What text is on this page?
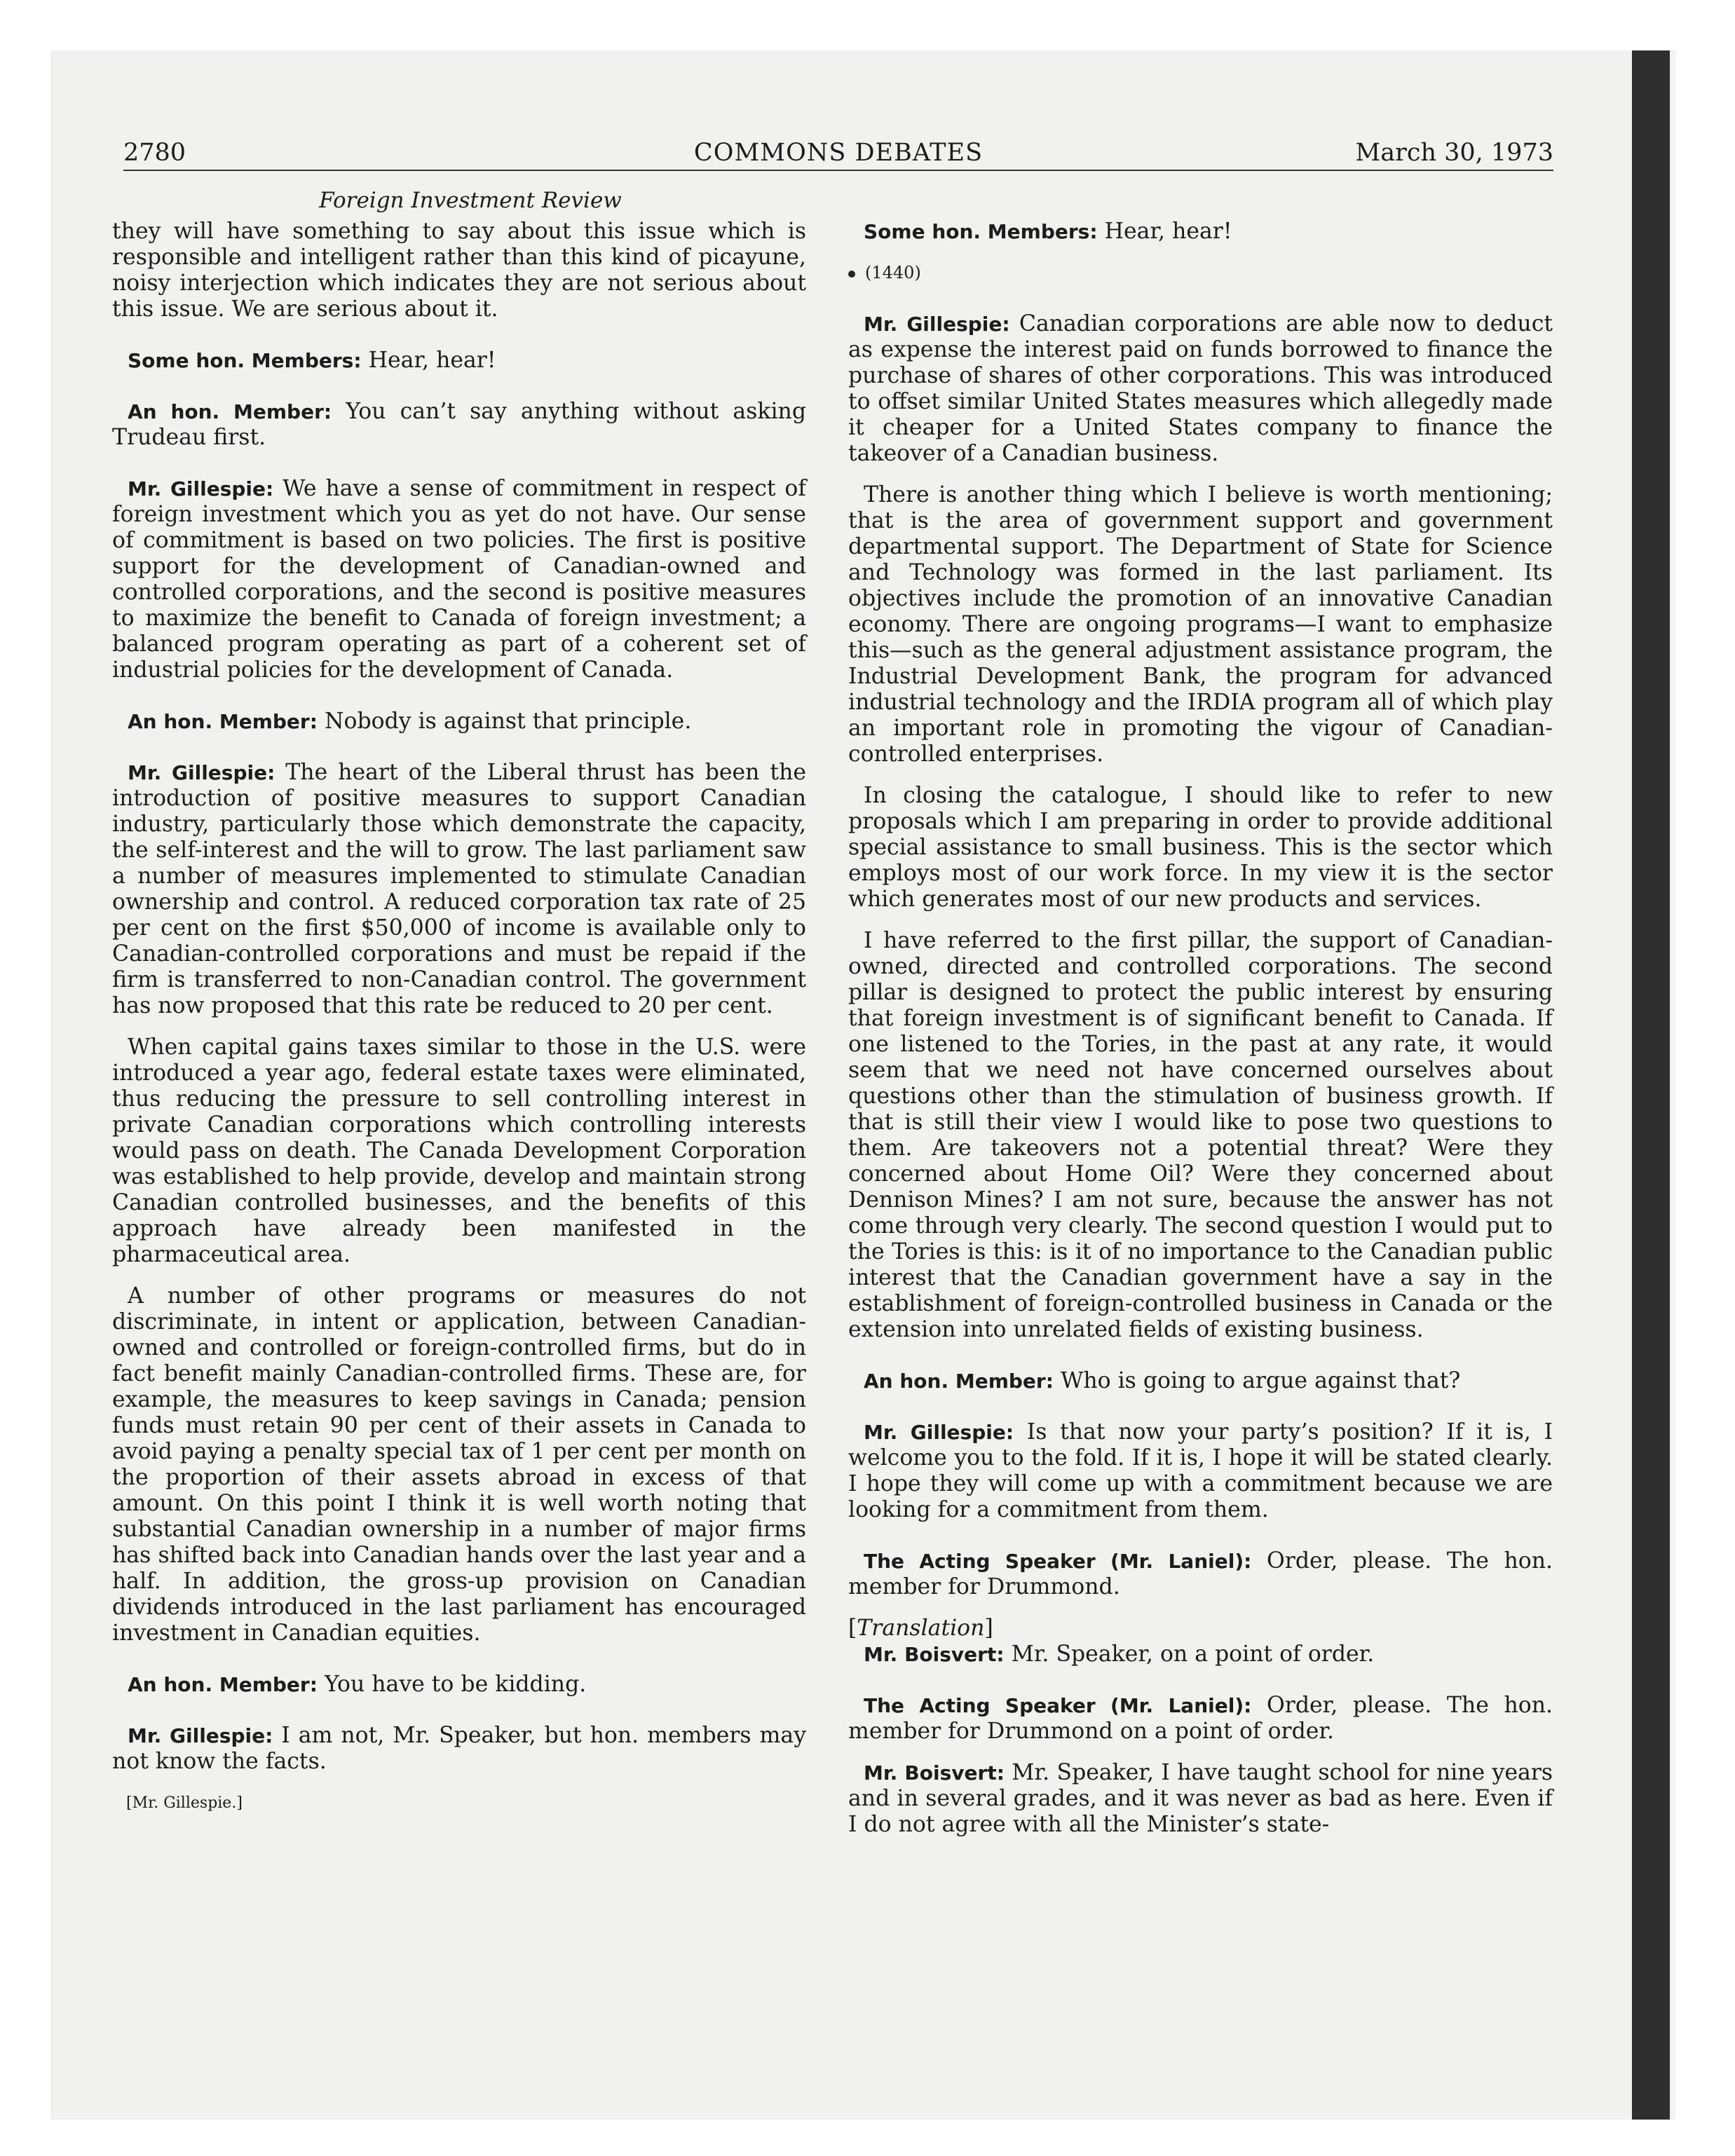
2780	COMMONS DEBATES	March 30, 1973
Foreign Investment Review

they will have something to say about this issue which is responsible and intelligent rather than this kind of picayune, noisy interjection which indicates they are not serious about this issue. We are serious about it.

Some hon. Members: Hear, hear!

An hon. Member: You can’t say anything without asking Trudeau first.

Mr. Gillespie: We have a sense of commitment in respect of foreign investment which you as yet do not have. Our sense of commitment is based on two policies. The first is positive support for the development of Canadian-owned and controlled corporations, and the second is positive measures to maximize the benefit to Canada of foreign investment; a balanced program operating as part of a coherent set of industrial policies for the development of Canada.

An hon. Member: Nobody is against that principle.

Mr. Gillespie: The heart of the Liberal thrust has been the introduction of positive measures to support Canadian industry, particularly those which demonstrate the capacity, the self-interest and the will to grow. The last parliament saw a number of measures implemented to stimulate Canadian ownership and control. A reduced corporation tax rate of 25 per cent on the first $50,000 of income is available only to Canadian-controlled corporations and must be repaid if the firm is transferred to non-Canadian control. The government has now proposed that this rate be reduced to 20 per cent.

When capital gains taxes similar to those in the U.S. were introduced a year ago, federal estate taxes were eliminated, thus reducing the pressure to sell controlling interest in private Canadian corporations which controlling interests would pass on death. The Canada Development Corporation was established to help provide, develop and maintain strong Canadian controlled businesses, and the benefits of this approach have already been manifested in the pharmaceutical area.

A number of other programs or measures do not discriminate, in intent or application, between Canadian-owned and controlled or foreign-controlled firms, but do in fact benefit mainly Canadian-controlled firms. These are, for example, the measures to keep savings in Canada; pension funds must retain 90 per cent of their assets in Canada to avoid paying a penalty special tax of 1 per cent per month on the proportion of their assets abroad in excess of that amount. On this point I think it is well worth noting that substantial Canadian ownership in a number of major firms has shifted back into Canadian hands over the last year and a half. In addition, the gross-up provision on Canadian dividends introduced in the last parliament has encouraged investment in Canadian equities.

An hon. Member: You have to be kidding.

Mr. Gillespie: I am not, Mr. Speaker, but hon. members may not know the facts.

[Mr. Gillespie.]

Some hon. Members: Hear, hear!

(1440)

Mr. Gillespie: Canadian corporations are able now to deduct as expense the interest paid on funds borrowed to finance the purchase of shares of other corporations. This was introduced to offset similar United States measures which allegedly made it cheaper for a United States company to finance the takeover of a Canadian business.

There is another thing which I believe is worth mentioning; that is the area of government support and government departmental support. The Department of State for Science and Technology was formed in the last parliament. Its objectives include the promotion of an innovative Canadian economy. There are ongoing programs—I want to emphasize this—such as the general adjustment assistance program, the Industrial Development Bank, the program for advanced industrial technology and the IRDIA program all of which play an important role in promoting the vigour of Canadian-controlled enterprises.

In closing the catalogue, I should like to refer to new proposals which I am preparing in order to provide additional special assistance to small business. This is the sector which employs most of our work force. In my view it is the sector which generates most of our new products and services.

I have referred to the first pillar, the support of Canadian-owned, directed and controlled corporations. The second pillar is designed to protect the public interest by ensuring that foreign investment is of significant benefit to Canada. If one listened to the Tories, in the past at any rate, it would seem that we need not have concerned ourselves about questions other than the stimulation of business growth. If that is still their view I would like to pose two questions to them. Are takeovers not a potential threat? Were they concerned about Home Oil? Were they concerned about Dennison Mines? I am not sure, because the answer has not come through very clearly. The second question I would put to the Tories is this: is it of no importance to the Canadian public interest that the Canadian government have a say in the establishment of foreign-controlled business in Canada or the extension into unrelated fields of existing business.

An hon. Member: Who is going to argue against that?

Mr. Gillespie: Is that now your party’s position? If it is, I welcome you to the fold. If it is, I hope it will be stated clearly. I hope they will come up with a commitment because we are looking for a commitment from them.

The Acting Speaker (Mr. Laniel): Order, please. The hon. member for Drummond.

[Translation]

Mr. Boisvert: Mr. Speaker, on a point of order.

The Acting Speaker (Mr. Laniel): Order, please. The hon. member for Drummond on a point of order.

Mr. Boisvert: Mr. Speaker, I have taught school for nine years and in several grades, and it was never as bad as here. Even if I do not agree with all the Minister’s state-
